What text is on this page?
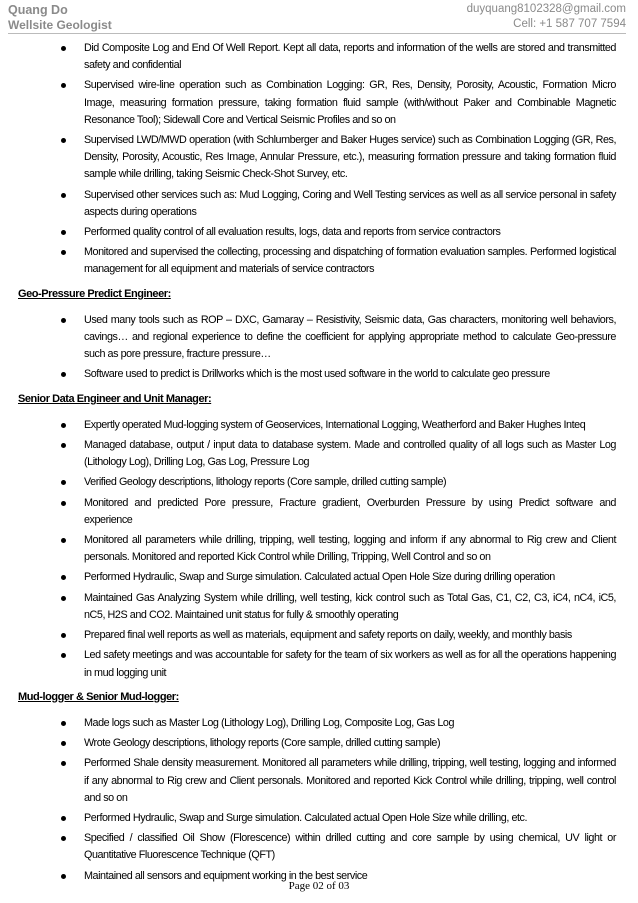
Quang Do
Wellsite Geologist
duyquang8102328@gmail.com
Cell: +1 587 707 7594
Did Composite Log and End Of Well Report. Kept all data, reports and information of the wells are stored and transmitted safety and confidential
Supervised wire-line operation such as Combination Logging: GR, Res, Density, Porosity, Acoustic, Formation Micro Image, measuring formation pressure, taking formation fluid sample (with/without Paker and Combinable Magnetic Resonance Tool); Sidewall Core and Vertical Seismic Profiles and so on
Supervised LWD/MWD operation (with Schlumberger and Baker Huges service) such as Combination Logging (GR, Res, Density, Porosity, Acoustic, Res Image, Annular Pressure, etc.), measuring formation pressure and taking formation fluid sample while drilling, taking Seismic Check-Shot Survey, etc.
Supervised other services such as: Mud Logging, Coring and Well Testing services as well as all service personal in safety aspects during operations
Performed quality control of all evaluation results, logs, data and reports from service contractors
Monitored and supervised the collecting, processing and dispatching of formation evaluation samples. Performed logistical management for all equipment and materials of service contractors
Geo-Pressure Predict Engineer:
Used many tools such as ROP – DXC, Gamaray – Resistivity, Seismic data, Gas characters, monitoring well behaviors, cavings… and regional experience to define the coefficient for applying appropriate method to calculate Geo-pressure such as pore pressure, fracture pressure…
Software used to predict is Drillworks which is the most used software in the world to calculate geo pressure
Senior Data Engineer and Unit Manager:
Expertly operated Mud-logging system of Geoservices, International Logging, Weatherford and Baker Hughes Inteq
Managed database, output / input data to database system. Made and controlled quality of all logs such as Master Log (Lithology Log), Drilling Log, Gas Log, Pressure Log
Verified Geology descriptions, lithology reports (Core sample, drilled cutting sample)
Monitored and predicted Pore pressure, Fracture gradient, Overburden Pressure by using Predict software and experience
Monitored all parameters while drilling, tripping, well testing, logging and inform if any abnormal to Rig crew and Client personals. Monitored and reported Kick Control while Drilling, Tripping, Well Control and so on
Performed Hydraulic, Swap and Surge simulation. Calculated actual Open Hole Size during drilling operation
Maintained Gas Analyzing System while drilling, well testing, kick control such as Total Gas, C1, C2, C3, iC4, nC4, iC5, nC5, H2S and CO2. Maintained unit status for fully & smoothly operating
Prepared final well reports as well as materials, equipment and safety reports on daily, weekly, and monthly basis
Led safety meetings and was accountable for safety for the team of six workers as well as for all the operations happening in mud logging unit
Mud-logger & Senior Mud-logger:
Made logs such as Master Log (Lithology Log), Drilling Log, Composite Log, Gas Log
Wrote Geology descriptions, lithology reports (Core sample, drilled cutting sample)
Performed Shale density measurement. Monitored all parameters while drilling, tripping, well testing, logging and informed if any abnormal to Rig crew and Client personals. Monitored and reported Kick Control while drilling, tripping, well control and so on
Performed Hydraulic, Swap and Surge simulation. Calculated actual Open Hole Size while drilling, etc.
Specified / classified Oil Show (Florescence) within drilled cutting and core sample by using chemical, UV light or Quantitative Fluorescence Technique (QFT)
Maintained all sensors and equipment working in the best service
Page 02 of 03
